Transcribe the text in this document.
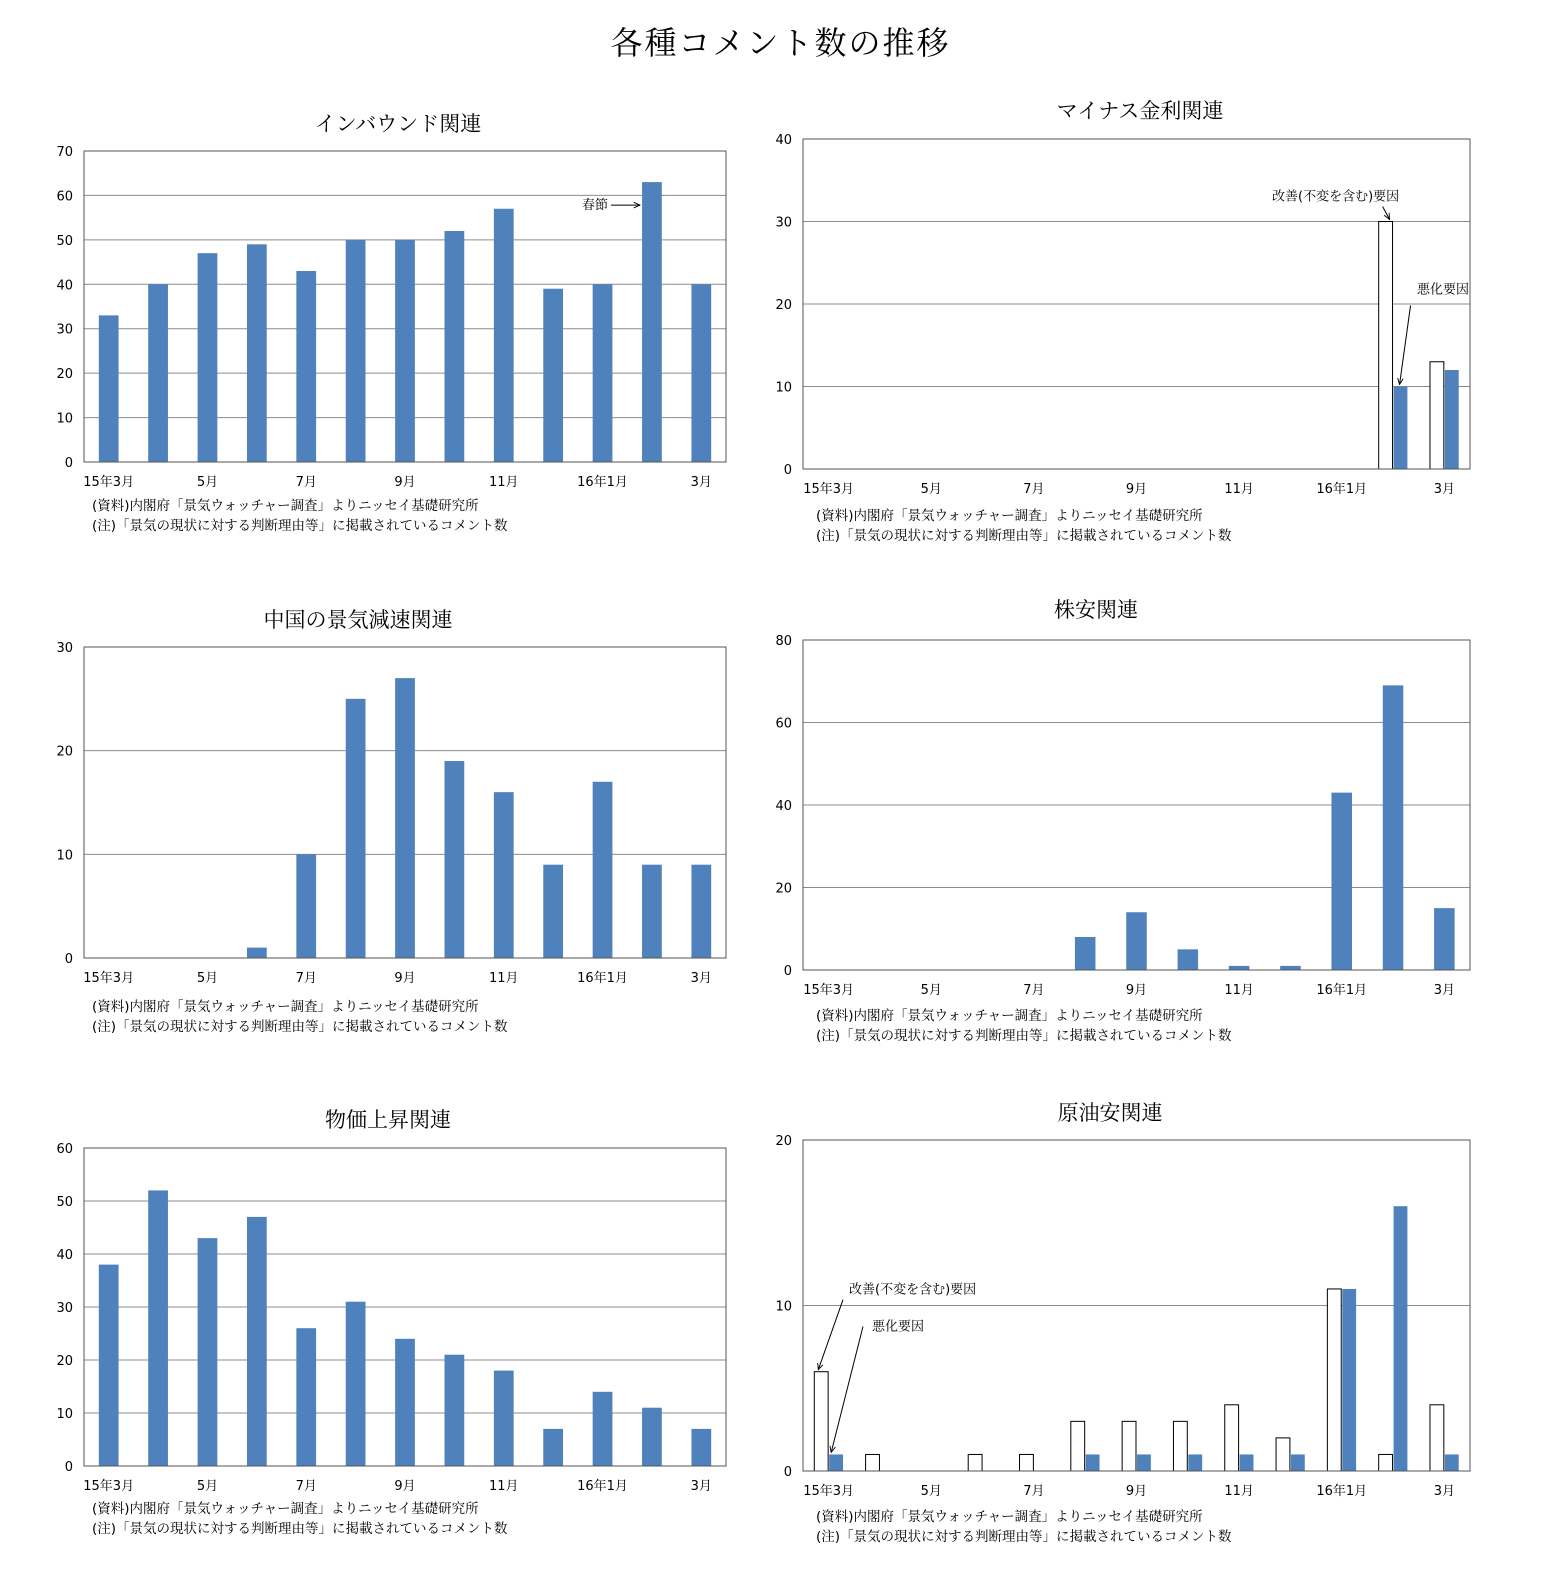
各種コメント数の推移
インバウンド関連
0
10
20
30
40
50
60
70
15年3月	5月	7月	9月	11月	16年1月	3月
(資料)内閣府「景気ウォッチャー調査」よりニッセイ基礎研究所
(注)「景気の現状に対する判断理由等」に掲載されているコメント数
春節
マイナス金利関連
0
10
20
30
40
15年3月	5月	7月	9月	11月	16年1月	3月
(資料)内閣府「景気ウォッチャー調査」よりニッセイ基礎研究所
(注)「景気の現状に対する判断理由等」に掲載されているコメント数
改善(不変を含む)要因
悪化要因
中国の景気減速関連
0
10
20
30
15年3月	5月	7月	9月	11月	16年1月	3月
(資料)内閣府「景気ウォッチャー調査」よりニッセイ基礎研究所
(注)「景気の現状に対する判断理由等」に掲載されているコメント数
株安関連
0
20
40
60
80
15年3月	5月	7月	9月	11月	16年1月	3月
(資料)内閣府「景気ウォッチャー調査」よりニッセイ基礎研究所
(注)「景気の現状に対する判断理由等」に掲載されているコメント数
物価上昇関連
0
10
20
30
40
50
60
15年3月	5月	7月	9月	11月	16年1月	3月
(資料)内閣府「景気ウォッチャー調査」よりニッセイ基礎研究所
(注)「景気の現状に対する判断理由等」に掲載されているコメント数
原油安関連
0
10
20
15年3月	5月	7月	9月	11月	16年1月	3月
(資料)内閣府「景気ウォッチャー調査」よりニッセイ基礎研究所
(注)「景気の現状に対する判断理由等」に掲載されているコメント数
改善(不変を含む)要因
悪化要因
